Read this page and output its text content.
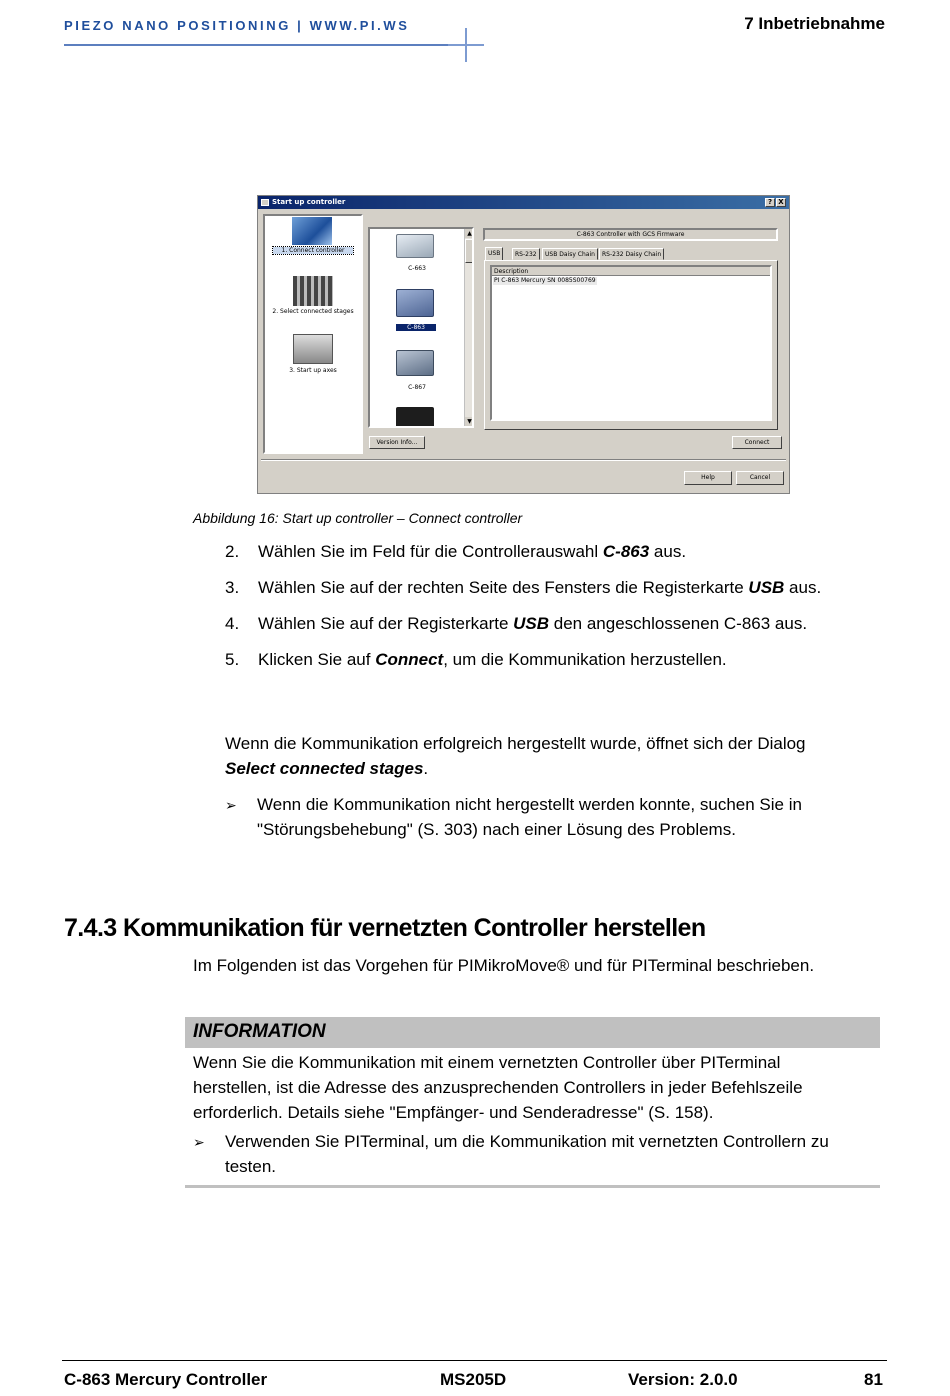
PIEZO NANO POSITIONING | WWW.PI.WS	7 Inbetriebnahme
Start up controller	? X
1. Connect controller
2. Select connected stages
3. Start up axes
C-663
C-863
C-867
▲
▼
Version Info...
C-863 Controller with GCS Firmware
USB	RS-232	USB Daisy Chain	RS-232 Daisy Chain
Description
PI C-863 Mercury SN 0085S00769
Connect
Help	Cancel
Abbildung 16: Start up controller – Connect controller
2. Wählen Sie im Feld für die Controllerauswahl C-863 aus.
3. Wählen Sie auf der rechten Seite des Fensters die Registerkarte USB aus.
4. Wählen Sie auf der Registerkarte USB den angeschlossenen C-863 aus.
5. Klicken Sie auf Connect, um die Kommunikation herzustellen.
Wenn die Kommunikation erfolgreich hergestellt wurde, öffnet sich der Dialog
Select connected stages.
➢ Wenn die Kommunikation nicht hergestellt werden konnte, suchen Sie in
"Störungsbehebung" (S. 303) nach einer Lösung des Problems.
7.4.3 Kommunikation für vernetzten Controller herstellen
Im Folgenden ist das Vorgehen für PIMikroMove® und für PITerminal beschrieben.
INFORMATION
Wenn Sie die Kommunikation mit einem vernetzten Controller über PITerminal
herstellen, ist die Adresse des anzusprechenden Controllers in jeder Befehlszeile
erforderlich. Details siehe "Empfänger- und Senderadresse" (S. 158).
➢ Verwenden Sie PITerminal, um die Kommunikation mit vernetzten Controllern zu
testen.
C-863 Mercury Controller	MS205D	Version: 2.0.0	81
